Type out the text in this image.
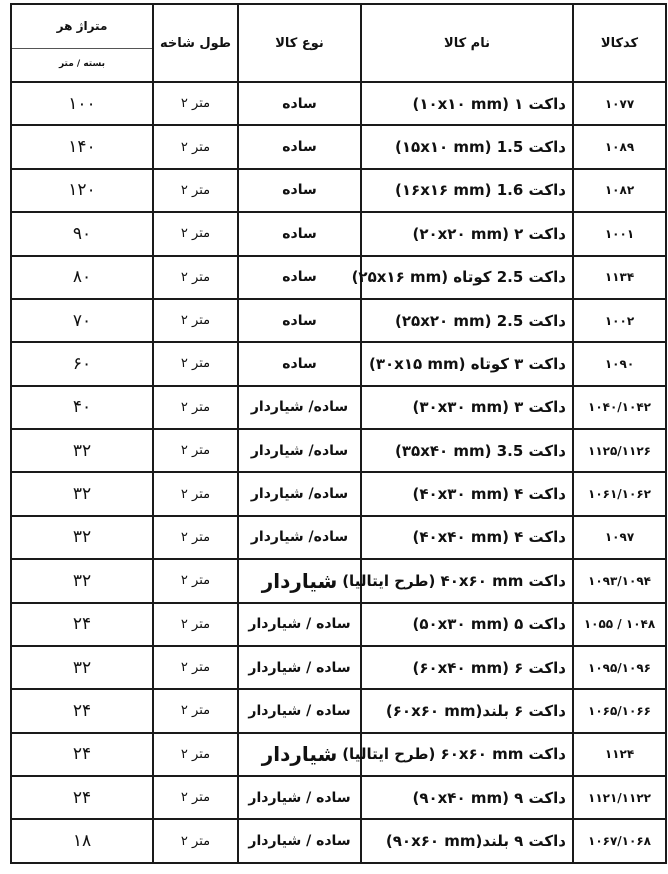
کدکالا	نام کالا	نوع کالا	طول شاخه	متراژ هر
بسته / متر

۱۰۷۷	داکت ۱ (۱۰x۱۰ mm)	ساده	متر ۲	۱۰۰
۱۰۸۹	داکت 1.5 (۱۵x۱۰ mm)	ساده	متر ۲	۱۴۰
۱۰۸۲	داکت 1.6 (۱۶x۱۶ mm)	ساده	متر ۲	۱۲۰
۱۰۰۱	داکت ۲ (۲۰x۲۰ mm)	ساده	متر ۲	۹۰
۱۱۳۴	داکت 2.5 کوتاه (۲۵x۱۶ mm)	ساده	متر ۲	۸۰
۱۰۰۲	داکت 2.5 (۲۵x۲۰ mm)	ساده	متر ۲	۷۰
۱۰۹۰	داکت ۳ کوتاه (۳۰x۱۵ mm)	ساده	متر ۲	۶۰
۱۰۴۰/۱۰۴۲	داکت ۳ (۳۰x۳۰ mm)	ساده/ شیاردار	متر ۲	۴۰
۱۱۲۵/۱۱۲۶	داکت 3.5 (۳۵x۴۰ mm)	ساده/ شیاردار	متر ۲	۳۲
۱۰۶۱/۱۰۶۲	داکت ۴ (۴۰x۳۰ mm)	ساده/ شیاردار	متر ۲	۳۲
۱۰۹۷	داکت ۴ (۴۰x۴۰ mm)	ساده/ شیاردار	متر ۲	۳۲
۱۰۹۳/۱۰۹۴	داکت ۴۰x۶۰ mm (طرح ایتالیا)	شیاردار	متر ۲	۳۲
۱۰۴۸ / ۱۰۵۵	داکت ۵ (۵۰x۳۰ mm)	ساده / شیاردار	متر ۲	۲۴
۱۰۹۵/۱۰۹۶	داکت ۶ (۶۰x۴۰ mm)	ساده / شیاردار	متر ۲	۳۲
۱۰۶۵/۱۰۶۶	داکت ۶ بلند(۶۰x۶۰ mm)	ساده / شیاردار	متر ۲	۲۴
۱۱۲۴	داکت ۶۰x۶۰ mm (طرح ایتالیا)	شیاردار	متر ۲	۲۴
۱۱۲۱/۱۱۲۲	داکت ۹ (۹۰x۴۰ mm)	ساده / شیاردار	متر ۲	۲۴
۱۰۶۷/۱۰۶۸	داکت ۹ بلند(۹۰x۶۰ mm)	ساده / شیاردار	متر ۲	۱۸
